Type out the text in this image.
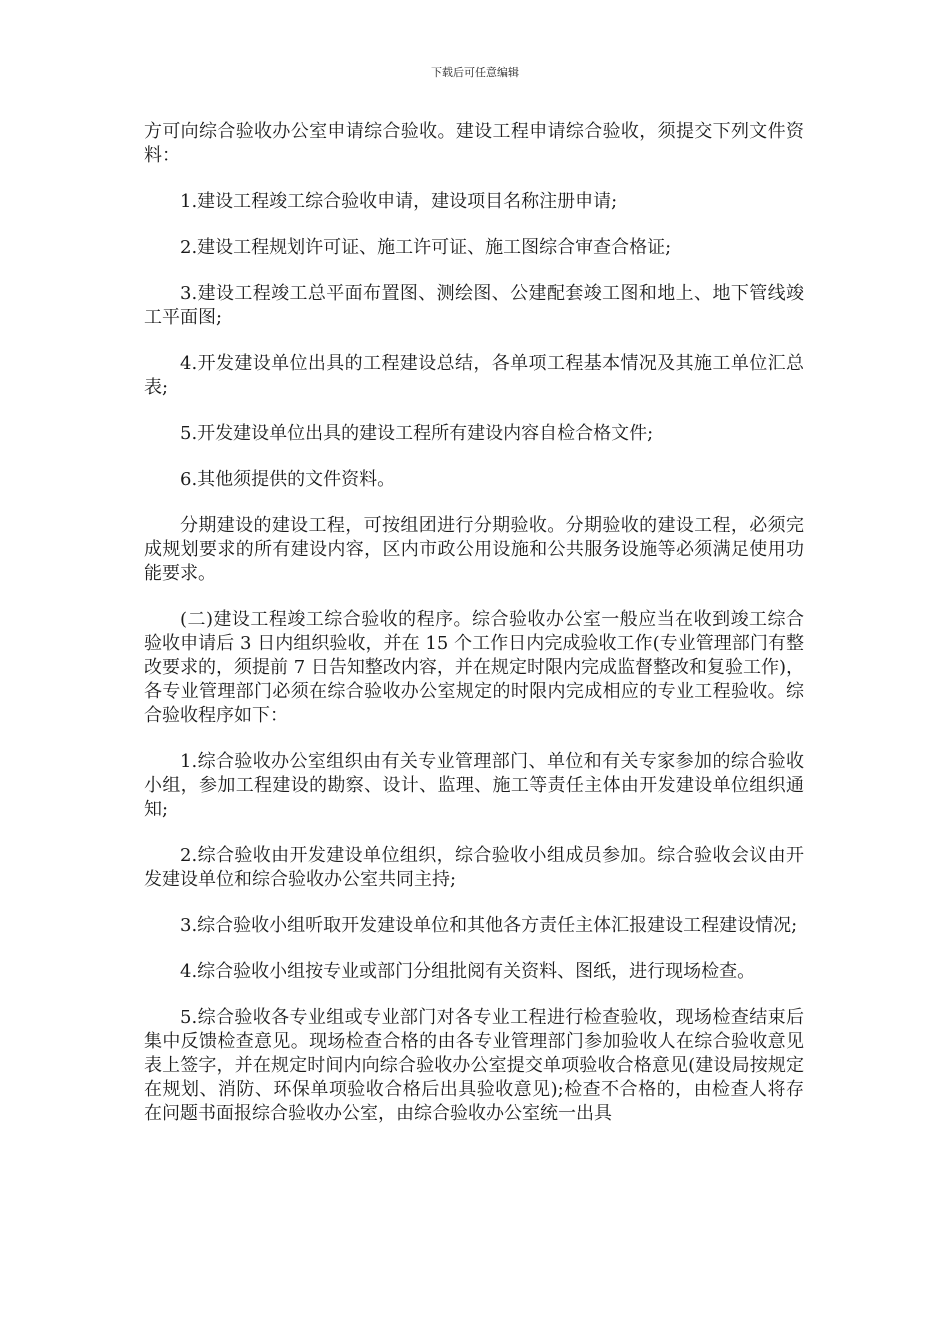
下载后可任意编辑

方可向综合验收办公室申请综合验收。建设工程申请综合验收，须提交下列文件资料：

1.建设工程竣工综合验收申请，建设项目名称注册申请;

2.建设工程规划许可证、施工许可证、施工图综合审查合格证;

3.建设工程竣工总平面布置图、测绘图、公建配套竣工图和地上、地下管线竣工平面图;

4.开发建设单位出具的工程建设总结，各单项工程基本情况及其施工单位汇总表;

5.开发建设单位出具的建设工程所有建设内容自检合格文件;

6.其他须提供的文件资料。

分期建设的建设工程，可按组团进行分期验收。分期验收的建设工程，必须完成规划要求的所有建设内容，区内市政公用设施和公共服务设施等必须满足使用功能要求。

(二)建设工程竣工综合验收的程序。综合验收办公室一般应当在收到竣工综合验收申请后 3 日内组织验收，并在 15 个工作日内完成验收工作(专业管理部门有整改要求的，须提前 7 日告知整改内容，并在规定时限内完成监督整改和复验工作)，各专业管理部门必须在综合验收办公室规定的时限内完成相应的专业工程验收。综合验收程序如下：

1.综合验收办公室组织由有关专业管理部门、单位和有关专家参加的综合验收小组，参加工程建设的勘察、设计、监理、施工等责任主体由开发建设单位组织通知;

2.综合验收由开发建设单位组织，综合验收小组成员参加。综合验收会议由开发建设单位和综合验收办公室共同主持;

3.综合验收小组听取开发建设单位和其他各方责任主体汇报建设工程建设情况;

4.综合验收小组按专业或部门分组批阅有关资料、图纸，进行现场检查。

5.综合验收各专业组或专业部门对各专业工程进行检查验收，现场检查结束后集中反馈检查意见。现场检查合格的由各专业管理部门参加验收人在综合验收意见表上签字，并在规定时间内向综合验收办公室提交单项验收合格意见(建设局按规定在规划、消防、环保单项验收合格后出具验收意见);检查不合格的，由检查人将存在问题书面报综合验收办公室，由综合验收办公室统一出具
